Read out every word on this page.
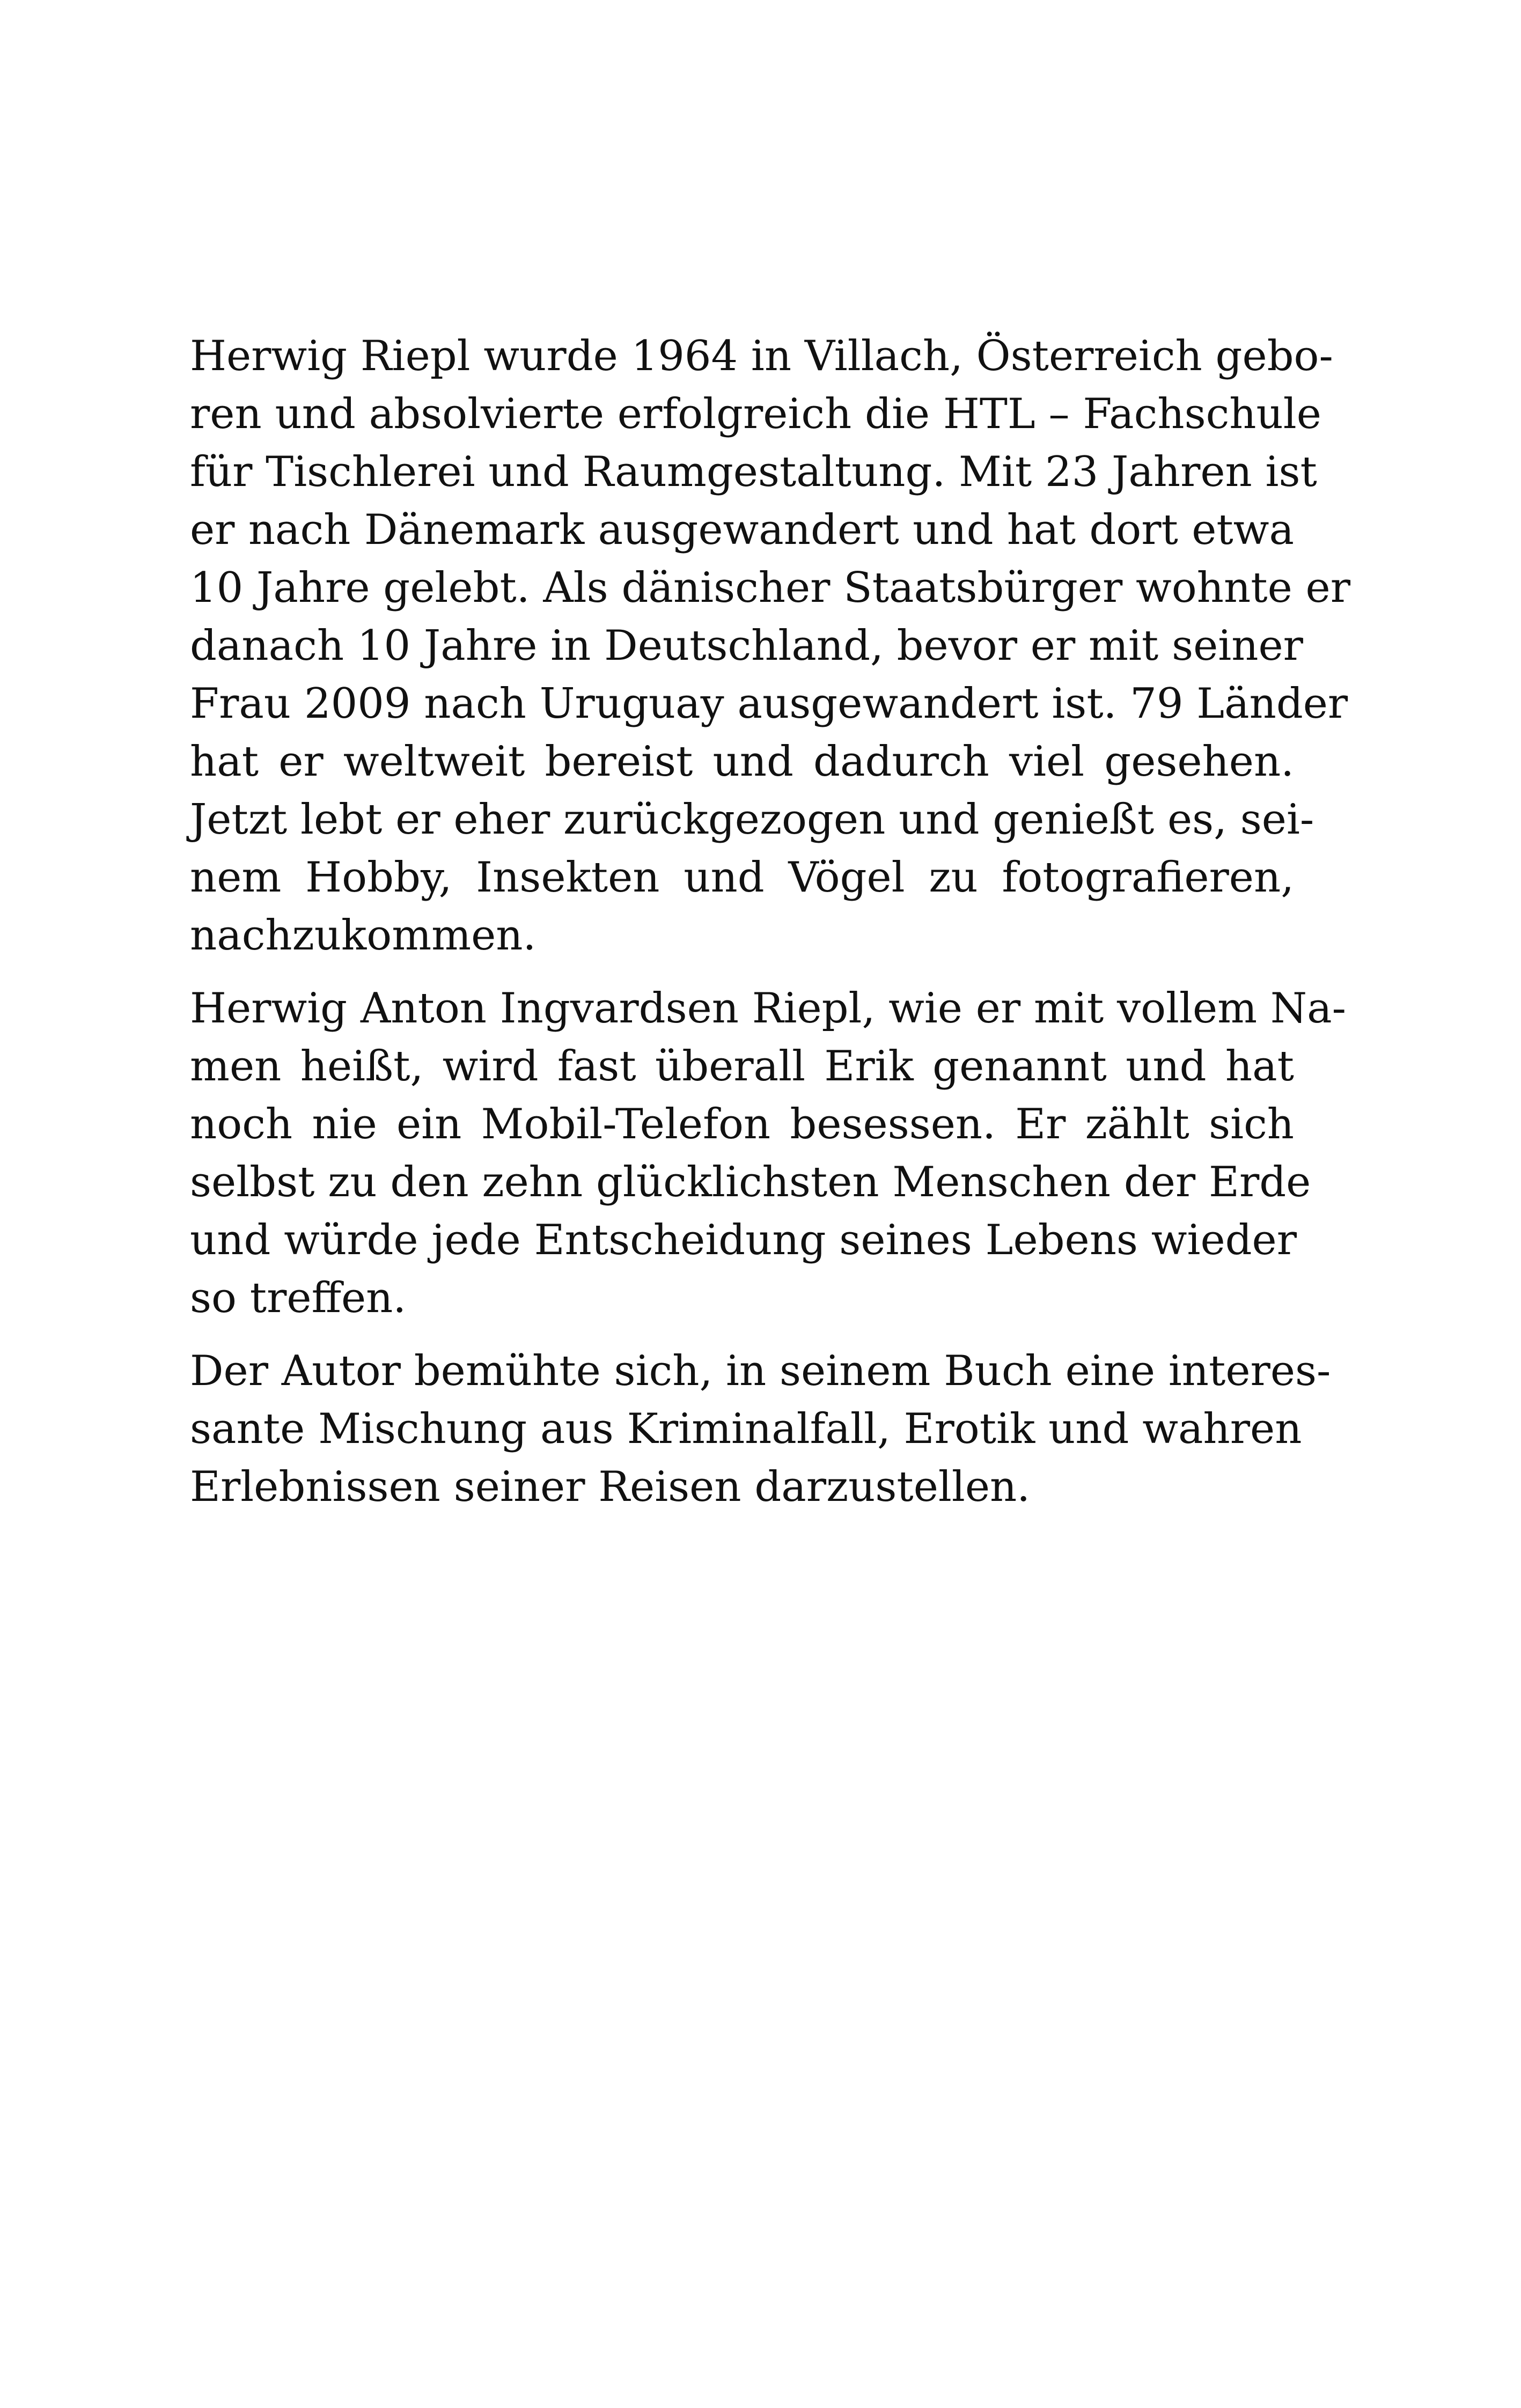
Herwig Riepl wurde 1964 in Villach, Österreich gebo-
ren und absolvierte erfolgreich die HTL – Fachschule
für Tischlerei und Raumgestaltung. Mit 23 Jahren ist
er nach Dänemark ausgewandert und hat dort etwa
10 Jahre gelebt. Als dänischer Staatsbürger wohnte er
danach 10 Jahre in Deutschland, bevor er mit seiner
Frau 2009 nach Uruguay ausgewandert ist. 79 Länder
hat er weltweit bereist und dadurch viel gesehen.
Jetzt lebt er eher zurückgezogen und genießt es, sei-
nem Hobby, Insekten und Vögel zu fotografieren,
nachzukommen.

Herwig Anton Ingvardsen Riepl, wie er mit vollem Na-
men heißt, wird fast überall Erik genannt und hat
noch nie ein Mobil-Telefon besessen. Er zählt sich
selbst zu den zehn glücklichsten Menschen der Erde
und würde jede Entscheidung seines Lebens wieder
so treffen.

Der Autor bemühte sich, in seinem Buch eine interes-
sante Mischung aus Kriminalfall, Erotik und wahren
Erlebnissen seiner Reisen darzustellen.
